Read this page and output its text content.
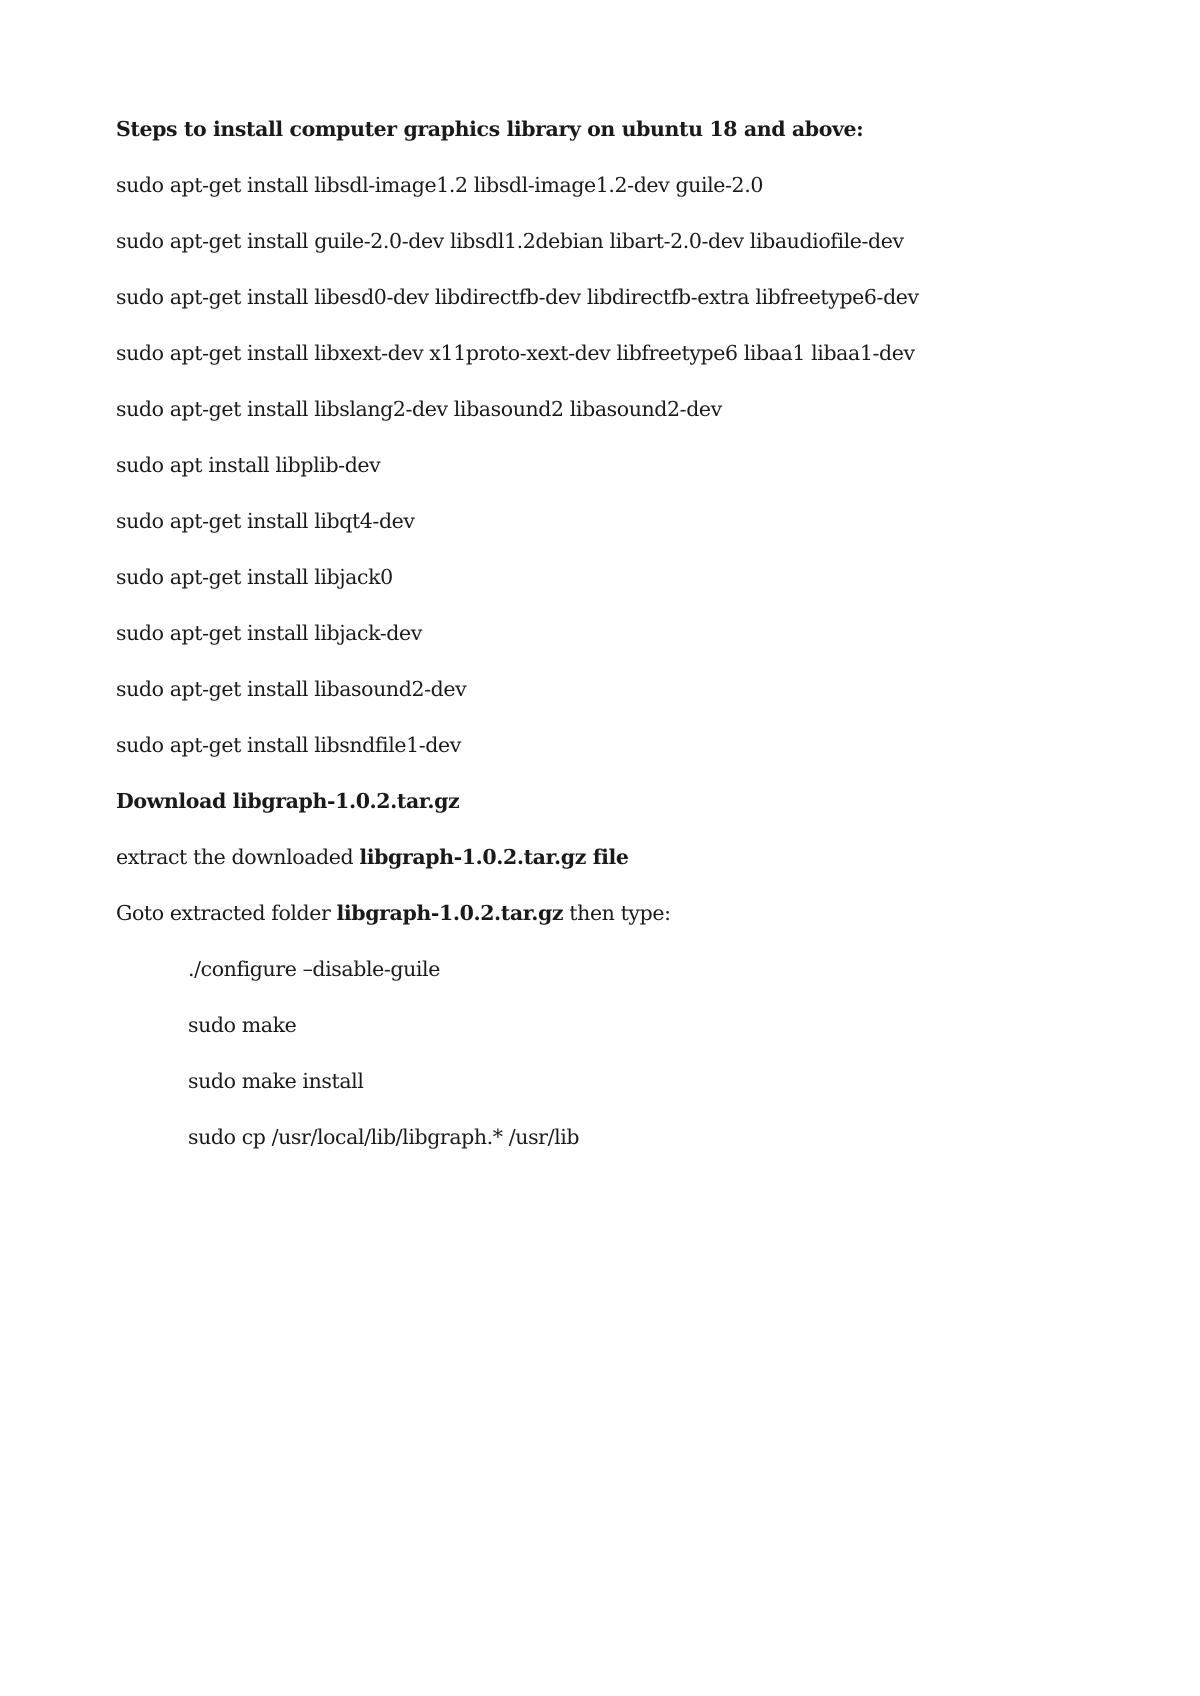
Steps to install computer graphics library on ubuntu 18 and above:
sudo apt-get install libsdl-image1.2 libsdl-image1.2-dev guile-2.0
sudo apt-get install guile-2.0-dev libsdl1.2debian libart-2.0-dev libaudiofile-dev
sudo apt-get install libesd0-dev libdirectfb-dev libdirectfb-extra libfreetype6-dev
sudo apt-get install libxext-dev x11proto-xext-dev libfreetype6 libaa1 libaa1-dev
sudo apt-get install libslang2-dev libasound2 libasound2-dev
sudo apt install libplib-dev
sudo apt-get install libqt4-dev
sudo apt-get install libjack0
sudo apt-get install libjack-dev
sudo apt-get install libasound2-dev
sudo apt-get install libsndfile1-dev
Download libgraph-1.0.2.tar.gz
extract the downloaded libgraph-1.0.2.tar.gz file
Goto extracted folder libgraph-1.0.2.tar.gz then type:
./configure –disable-guile
sudo make
sudo make install
sudo cp /usr/local/lib/libgraph.* /usr/lib
